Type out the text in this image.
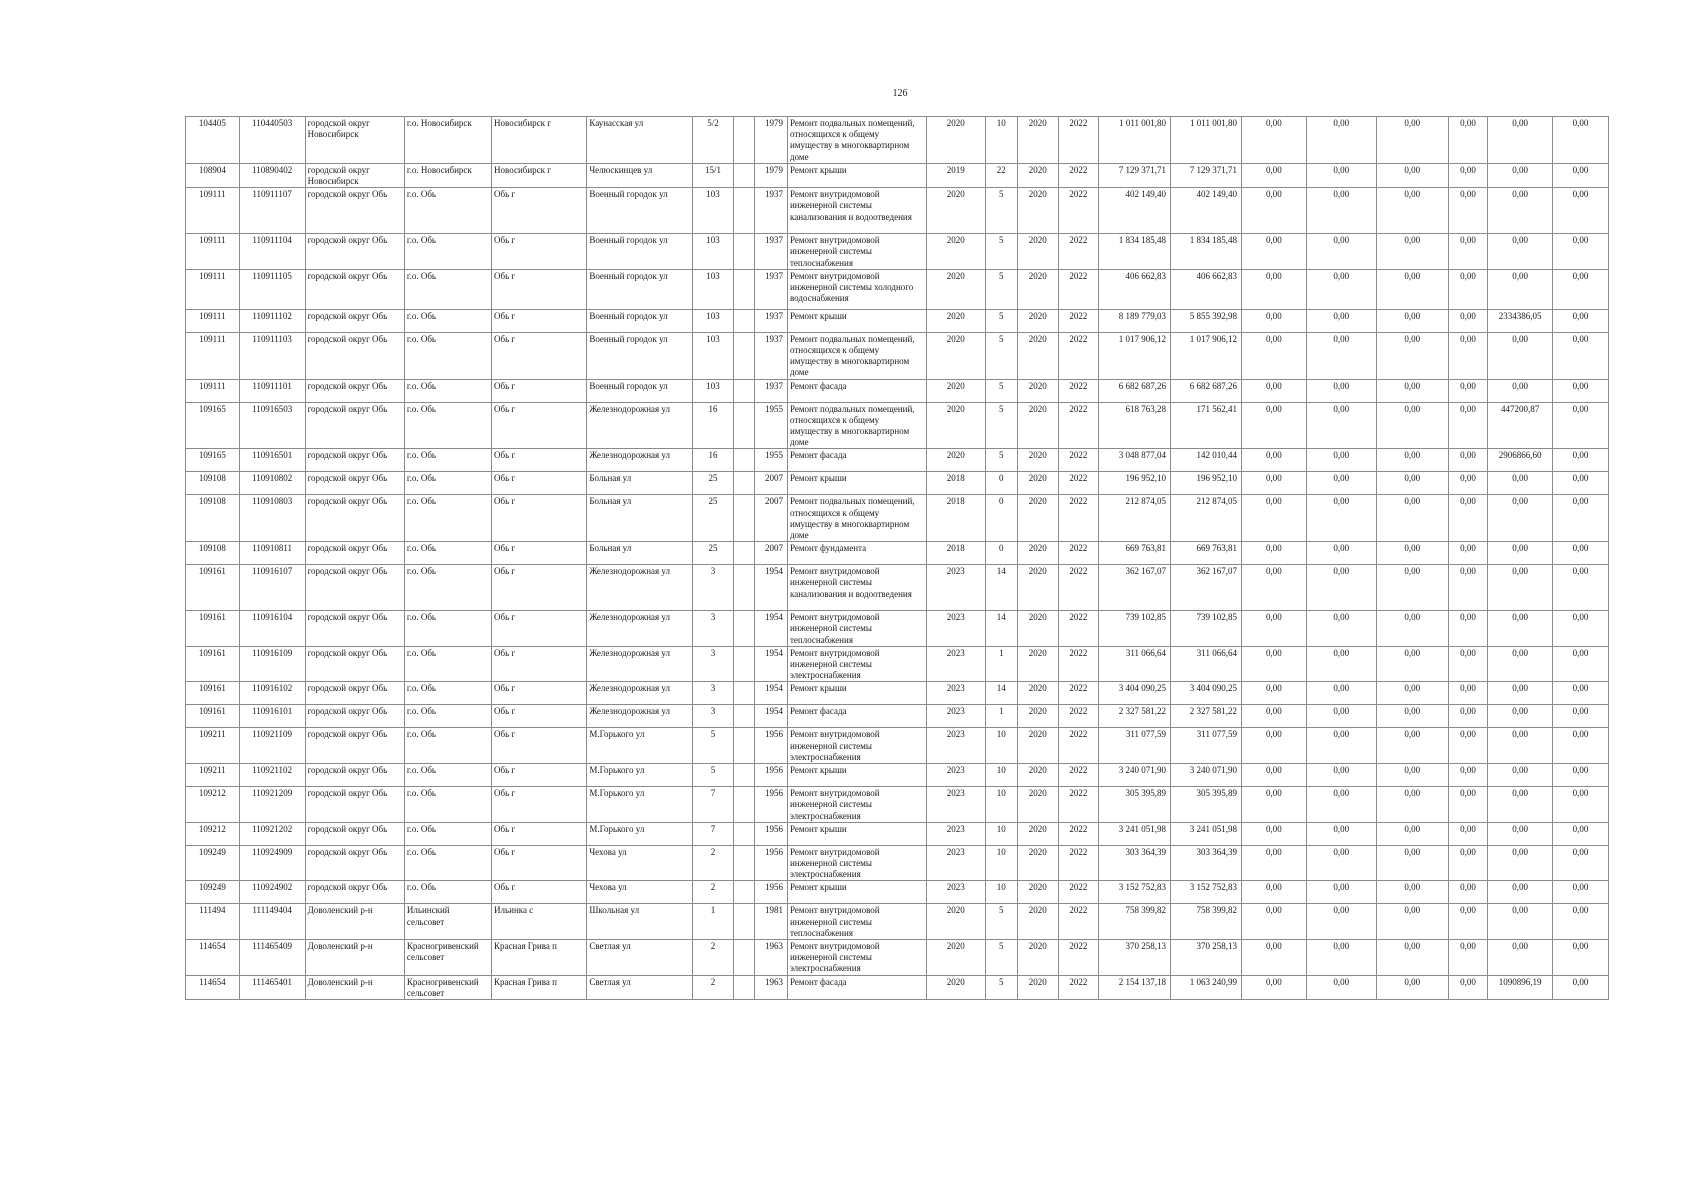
126
104405	110440503	городской округ Новосибирск	г.о. Новосибирск	Новосибирск г	Каунасская ул	5/2		1979	Ремонт подвальных помещений, относящихся к общему имуществу в многоквартирном доме	2020	10	2020	2022	1 011 001,80	1 011 001,80	0,00	0,00	0,00	0,00	0,00	0,00
108904	110890402	городской округ Новосибирск	г.о. Новосибирск	Новосибирск г	Челюскинцев ул	15/1		1979	Ремонт крыши	2019	22	2020	2022	7 129 371,71	7 129 371,71	0,00	0,00	0,00	0,00	0,00	0,00
109111	110911107	городской округ Обь	г.о. Обь	Обь г	Военный городок ул	103		1937	Ремонт внутридомовой инженерной системы канализования и водоотведения	2020	5	2020	2022	402 149,40	402 149,40	0,00	0,00	0,00	0,00	0,00	0,00
109111	110911104	городской округ Обь	г.о. Обь	Обь г	Военный городок ул	103		1937	Ремонт внутридомовой инженерной системы теплоснабжения	2020	5	2020	2022	1 834 185,48	1 834 185,48	0,00	0,00	0,00	0,00	0,00	0,00
109111	110911105	городской округ Обь	г.о. Обь	Обь г	Военный городок ул	103		1937	Ремонт внутридомовой инженерной системы холодного водоснабжения	2020	5	2020	2022	406 662,83	406 662,83	0,00	0,00	0,00	0,00	0,00	0,00
109111	110911102	городской округ Обь	г.о. Обь	Обь г	Военный городок ул	103		1937	Ремонт крыши	2020	5	2020	2022	8 189 779,03	5 855 392,98	0,00	0,00	0,00	0,00	2334386,05	0,00
109111	110911103	городской округ Обь	г.о. Обь	Обь г	Военный городок ул	103		1937	Ремонт подвальных помещений, относящихся к общему имуществу в многоквартирном доме	2020	5	2020	2022	1 017 906,12	1 017 906,12	0,00	0,00	0,00	0,00	0,00	0,00
109111	110911101	городской округ Обь	г.о. Обь	Обь г	Военный городок ул	103		1937	Ремонт фасада	2020	5	2020	2022	6 682 687,26	6 682 687,26	0,00	0,00	0,00	0,00	0,00	0,00
109165	110916503	городской округ Обь	г.о. Обь	Обь г	Железнодорожная ул	16		1955	Ремонт подвальных помещений, относящихся к общему имуществу в многоквартирном доме	2020	5	2020	2022	618 763,28	171 562,41	0,00	0,00	0,00	0,00	447200,87	0,00
109165	110916501	городской округ Обь	г.о. Обь	Обь г	Железнодорожная ул	16		1955	Ремонт фасада	2020	5	2020	2022	3 048 877,04	142 010,44	0,00	0,00	0,00	0,00	2906866,60	0,00
109108	110910802	городской округ Обь	г.о. Обь	Обь г	Больная ул	25		2007	Ремонт крыши	2018	0	2020	2022	196 952,10	196 952,10	0,00	0,00	0,00	0,00	0,00	0,00
109108	110910803	городской округ Обь	г.о. Обь	Обь г	Больная ул	25		2007	Ремонт подвальных помещений, относящихся к общему имуществу в многоквартирном доме	2018	0	2020	2022	212 874,05	212 874,05	0,00	0,00	0,00	0,00	0,00	0,00
109108	110910811	городской округ Обь	г.о. Обь	Обь г	Больная ул	25		2007	Ремонт фундамента	2018	0	2020	2022	669 763,81	669 763,81	0,00	0,00	0,00	0,00	0,00	0,00
109161	110916107	городской округ Обь	г.о. Обь	Обь г	Железнодорожная ул	3		1954	Ремонт внутридомовой инженерной системы канализования и водоотведения	2023	14	2020	2022	362 167,07	362 167,07	0,00	0,00	0,00	0,00	0,00	0,00
109161	110916104	городской округ Обь	г.о. Обь	Обь г	Железнодорожная ул	3		1954	Ремонт внутридомовой инженерной системы теплоснабжения	2023	14	2020	2022	739 102,85	739 102,85	0,00	0,00	0,00	0,00	0,00	0,00
109161	110916109	городской округ Обь	г.о. Обь	Обь г	Железнодорожная ул	3		1954	Ремонт внутридомовой инженерной системы электроснабжения	2023	1	2020	2022	311 066,64	311 066,64	0,00	0,00	0,00	0,00	0,00	0,00
109161	110916102	городской округ Обь	г.о. Обь	Обь г	Железнодорожная ул	3		1954	Ремонт крыши	2023	14	2020	2022	3 404 090,25	3 404 090,25	0,00	0,00	0,00	0,00	0,00	0,00
109161	110916101	городской округ Обь	г.о. Обь	Обь г	Железнодорожная ул	3		1954	Ремонт фасада	2023	1	2020	2022	2 327 581,22	2 327 581,22	0,00	0,00	0,00	0,00	0,00	0,00
109211	110921109	городской округ Обь	г.о. Обь	Обь г	М.Горького ул	5		1956	Ремонт внутридомовой инженерной системы электроснабжения	2023	10	2020	2022	311 077,59	311 077,59	0,00	0,00	0,00	0,00	0,00	0,00
109211	110921102	городской округ Обь	г.о. Обь	Обь г	М.Горького ул	5		1956	Ремонт крыши	2023	10	2020	2022	3 240 071,90	3 240 071,90	0,00	0,00	0,00	0,00	0,00	0,00
109212	110921209	городской округ Обь	г.о. Обь	Обь г	М.Горького ул	7		1956	Ремонт внутридомовой инженерной системы электроснабжения	2023	10	2020	2022	305 395,89	305 395,89	0,00	0,00	0,00	0,00	0,00	0,00
109212	110921202	городской округ Обь	г.о. Обь	Обь г	М.Горького ул	7		1956	Ремонт крыши	2023	10	2020	2022	3 241 051,98	3 241 051,98	0,00	0,00	0,00	0,00	0,00	0,00
109249	110924909	городской округ Обь	г.о. Обь	Обь г	Чехова ул	2		1956	Ремонт внутридомовой инженерной системы электроснабжения	2023	10	2020	2022	303 364,39	303 364,39	0,00	0,00	0,00	0,00	0,00	0,00
109249	110924902	городской округ Обь	г.о. Обь	Обь г	Чехова ул	2		1956	Ремонт крыши	2023	10	2020	2022	3 152 752,83	3 152 752,83	0,00	0,00	0,00	0,00	0,00	0,00
111494	111149404	Доволенский р-н	Ильинский сельсовет	Ильинка с	Школьная ул	1		1981	Ремонт внутридомовой инженерной системы теплоснабжения	2020	5	2020	2022	758 399,82	758 399,82	0,00	0,00	0,00	0,00	0,00	0,00
114654	111465409	Доволенский р-н	Красногривенский сельсовет	Красная Грива п	Светлая ул	2		1963	Ремонт внутридомовой инженерной системы электроснабжения	2020	5	2020	2022	370 258,13	370 258,13	0,00	0,00	0,00	0,00	0,00	0,00
114654	111465401	Доволенский р-н	Красногривенский сельсовет	Красная Грива п	Светлая ул	2		1963	Ремонт фасада	2020	5	2020	2022	2 154 137,18	1 063 240,99	0,00	0,00	0,00	0,00	1090896,19	0,00
